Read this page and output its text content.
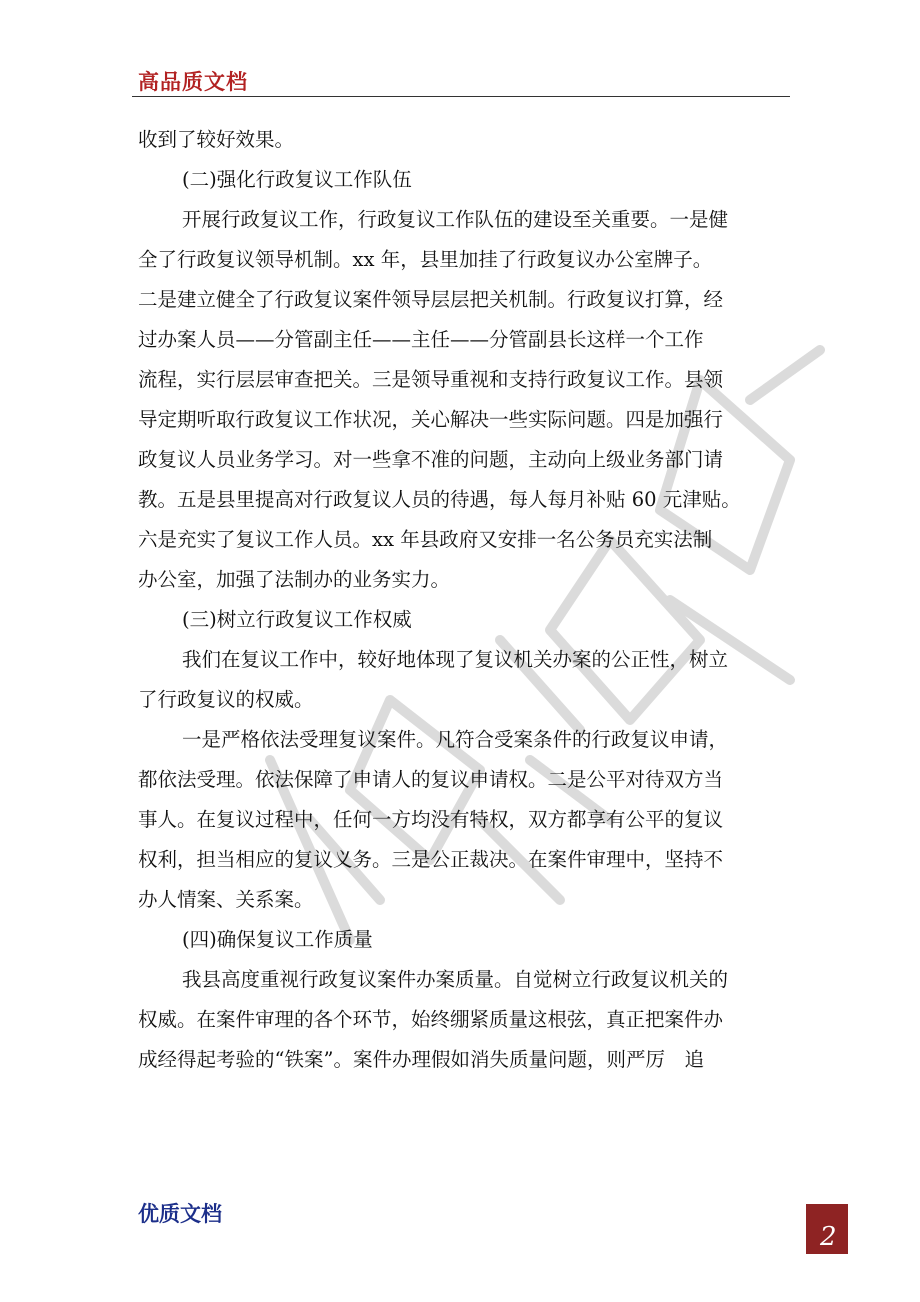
高品质文档
收到了较好效果。
(二)强化行政复议工作队伍
开展行政复议工作，行政复议工作队伍的建设至关重要。一是健
全了行政复议领导机制。xx 年，县里加挂了行政复议办公室牌子。
二是建立健全了行政复议案件领导层层把关机制。行政复议打算，经
过办案人员——分管副主任——主任——分管副县长这样一个工作
流程，实行层层审查把关。三是领导重视和支持行政复议工作。县领
导定期听取行政复议工作状况，关心解决一些实际问题。四是加强行
政复议人员业务学习。对一些拿不准的问题，主动向上级业务部门请
教。五是县里提高对行政复议人员的待遇，每人每月补贴 60 元津贴。
六是充实了复议工作人员。xx 年县政府又安排一名公务员充实法制
办公室，加强了法制办的业务实力。
(三)树立行政复议工作权威
我们在复议工作中，较好地体现了复议机关办案的公正性，树立
了行政复议的权威。
一是严格依法受理复议案件。凡符合受案条件的行政复议申请，
都依法受理。依法保障了申请人的复议申请权。二是公平对待双方当
事人。在复议过程中，任何一方均没有特权，双方都享有公平的复议
权利，担当相应的复议义务。三是公正裁决。在案件审理中，坚持不
办人情案、关系案。
(四)确保复议工作质量
我县高度重视行政复议案件办案质量。自觉树立行政复议机关的
权威。在案件审理的各个环节，始终绷紧质量这根弦，真正把案件办
成经得起考验的“铁案”。案件办理假如消失质量问题，则严厉　追
优质文档
2
